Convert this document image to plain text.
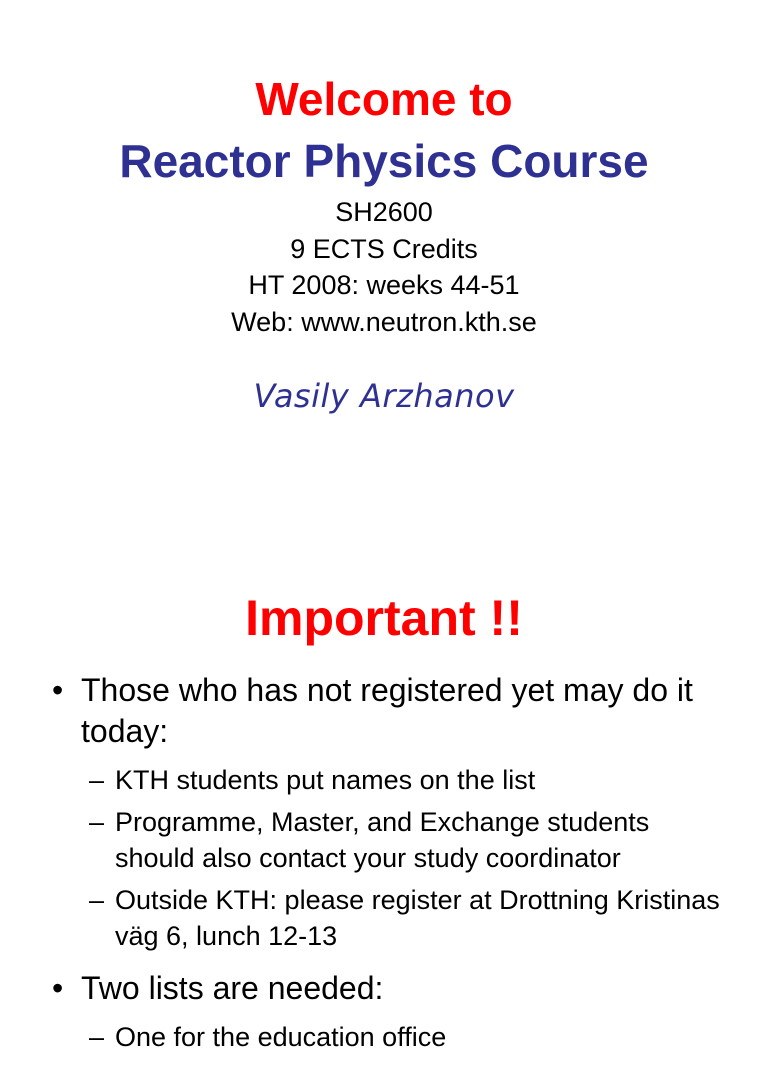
Welcome to
Reactor Physics Course
SH2600
9 ECTS Credits
HT 2008: weeks 44-51
Web: www.neutron.kth.se
Vasily Arzhanov
Important !!
• Those who has not registered yet may do it today:
– KTH students put names on the list
– Programme, Master, and Exchange students should also contact your study coordinator
– Outside KTH: please register at Drottning Kristinas väg 6, lunch 12-13
• Two lists are needed:
– One for the education office
